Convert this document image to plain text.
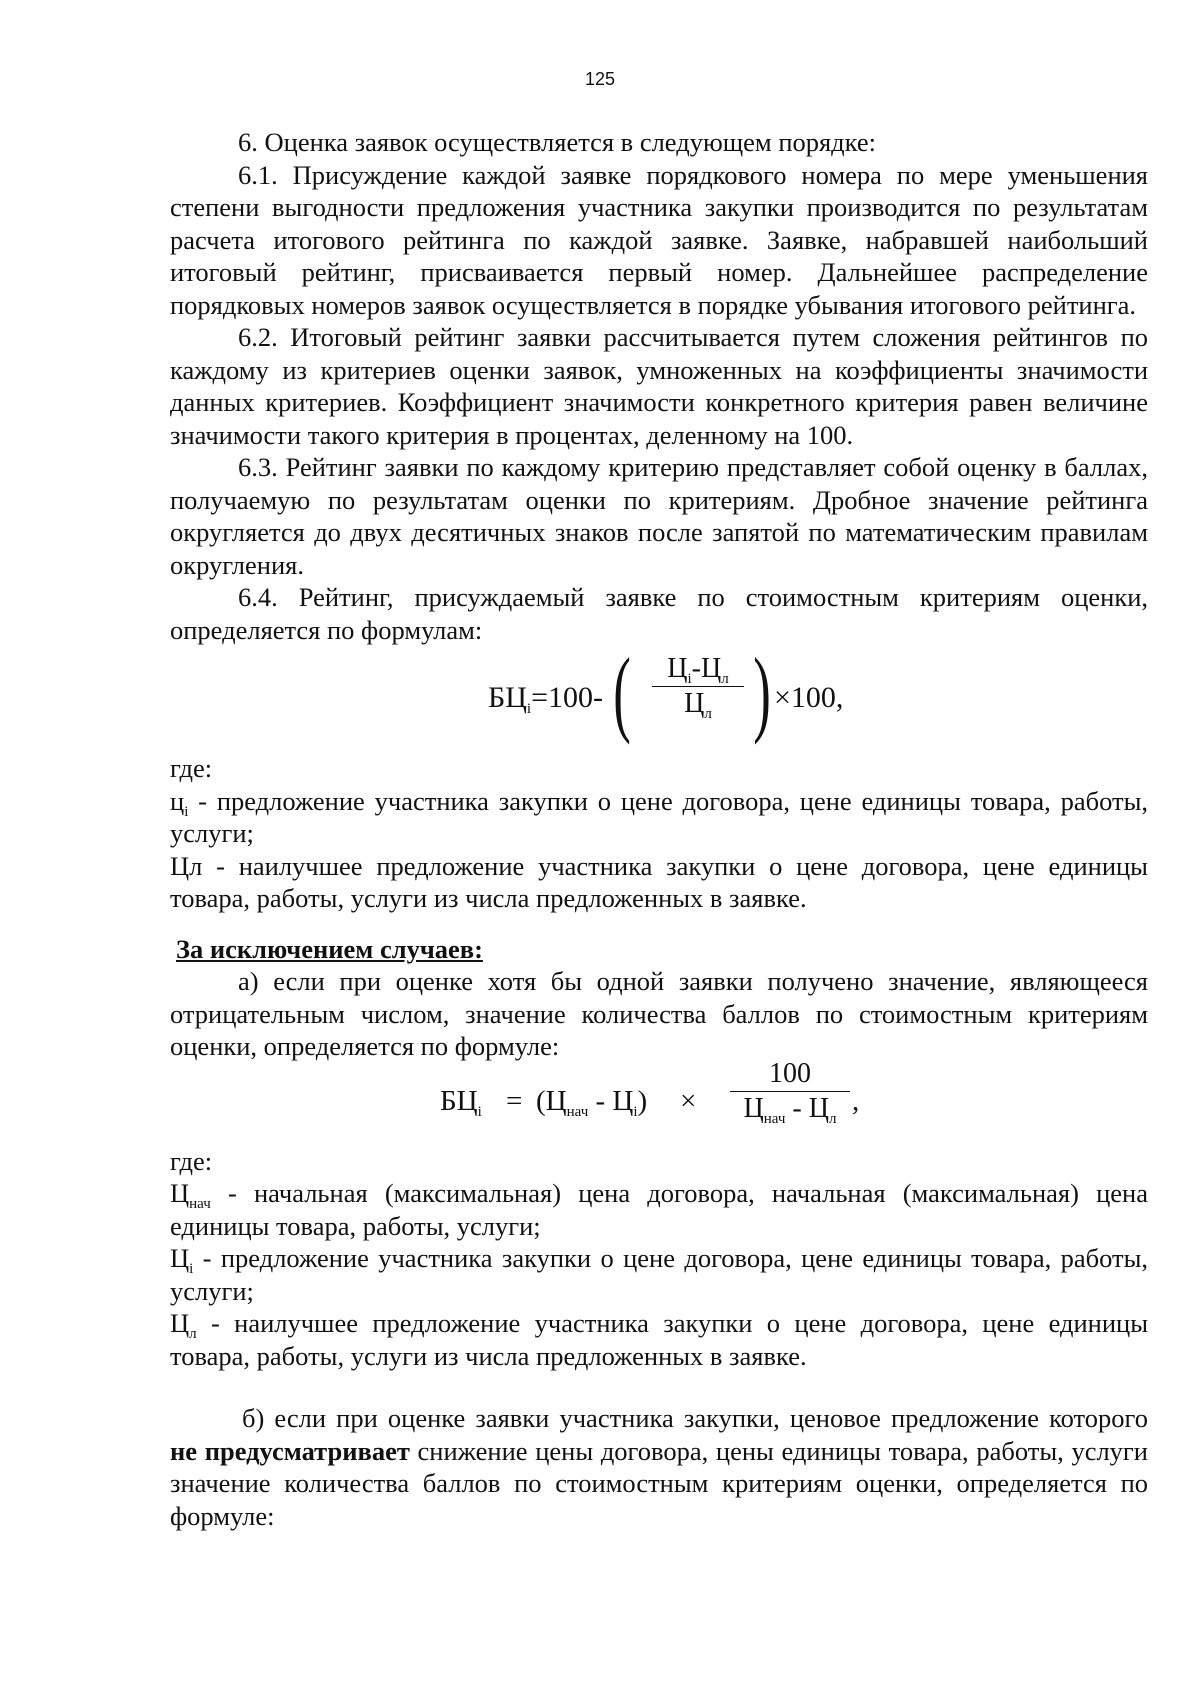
125

6. Оценка заявок осуществляется в следующем порядке:

6.1. Присуждение каждой заявке порядкового номера по мере уменьшения степени выгодности предложения участника закупки производится по результатам расчета итогового рейтинга по каждой заявке. Заявке, набравшей наибольший итоговый рейтинг, присваивается первый номер. Дальнейшее распределение порядковых номеров заявок осуществляется в порядке убывания итогового рейтинга.

6.2. Итоговый рейтинг заявки рассчитывается путем сложения рейтингов по каждому из критериев оценки заявок, умноженных на коэффициенты значимости данных критериев. Коэффициент значимости конкретного критерия равен величине значимости такого критерия в процентах, деленному на 100.

6.3. Рейтинг заявки по каждому критерию представляет собой оценку в баллах, получаемую по результатам оценки по критериям. Дробное значение рейтинга округляется до двух десятичных знаков после запятой по математическим правилам округления.

6.4. Рейтинг, присуждаемый заявке по стоимостным критериям оценки, определяется по формулам:

$БЦ_i=100-$ (	$Ц_i-Ц_л$
$Ц_л$ ) ×100,

где:

$ц_i$ - предложение участника закупки о цене договора, цене единицы товара, работы, услуги;

Цл - наилучшее предложение участника закупки о цене договора, цене единицы товара, работы, услуги из числа предложенных в заявке.

За исключением случаев:

а) если при оценке хотя бы одной заявки получено значение, являющееся отрицательным числом, значение количества баллов по стоимостным критериям оценки, определяется по формуле:

$БЦ_i = (Ц_{нач} - Ц_i)$ ×
100
$Ц_{нач} - Ц_л$
,

где:

$Ц_{нач}$ - начальная (максимальная) цена договора, начальная (максимальная) цена единицы товара, работы, услуги;

$Ц_i$ - предложение участника закупки о цене договора, цене единицы товара, работы, услуги;

$Ц_л$ - наилучшее предложение участника закупки о цене договора, цене единицы товара, работы, услуги из числа предложенных в заявке.

б) если при оценке заявки участника закупки, ценовое предложение которого не предусматривает снижение цены договора, цены единицы товара, работы, услуги значение количества баллов по стоимостным критериям оценки, определяется по формуле:
